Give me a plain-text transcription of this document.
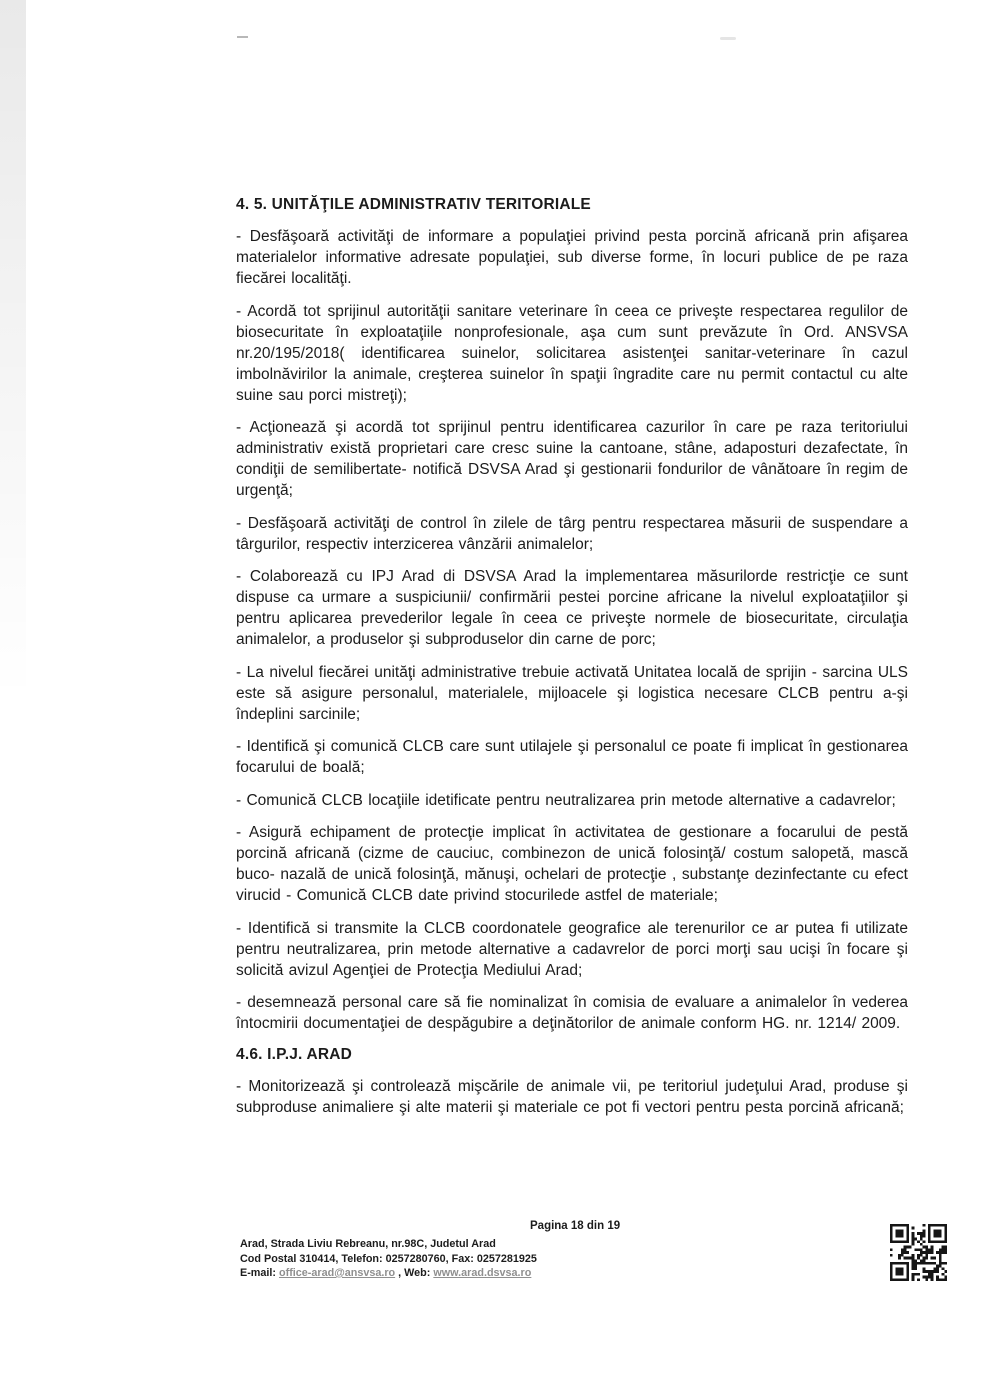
4. 5. UNITĂŢILE ADMINISTRATIV TERITORIALE

- Desfăşoară activităţi de informare a populaţiei privind pesta porcină africană prin afişarea materialelor informative adresate populaţiei, sub diverse forme, în locuri publice de pe raza fiecărei localităţi.

- Acordă tot sprijinul autorităţii sanitare veterinare în ceea ce priveşte respectarea regulilor de biosecuritate în exploataţiile nonprofesionale, aşa cum sunt prevăzute în Ord. ANSVSA nr.20/195/2018( identificarea suinelor, solicitarea asistenţei sanitar-veterinare în cazul imbolnăvirilor la animale, creşterea suinelor în spaţii îngradite care nu permit contactul cu alte suine sau porci mistreţi);

- Acţionează şi acordă tot sprijinul pentru identificarea cazurilor în care pe raza teritoriului administrativ există proprietari care cresc suine la cantoane, stâne, adaposturi dezafectate, în condiţii de semilibertate- notifică DSVSA Arad şi gestionarii fondurilor de vânătoare în regim de urgenţă;

- Desfăşoară activităţi de control în zilele de târg pentru respectarea măsurii de suspendare a târgurilor, respectiv interzicerea vânzării animalelor;

- Colaborează cu IPJ Arad di DSVSA Arad la implementarea măsurilorde restricţie ce sunt dispuse ca urmare a suspiciunii/ confirmării pestei porcine africane la nivelul exploataţiilor şi pentru aplicarea prevederilor legale în ceea ce priveşte normele de biosecuritate, circulaţia animalelor, a produselor şi subproduselor din carne de porc;

- La nivelul fiecărei unităţi administrative trebuie activată Unitatea locală de sprijin - sarcina ULS este să asigure personalul, materialele, mijloacele şi logistica necesare CLCB pentru a-şi îndeplini sarcinile;

- Identifică şi comunică CLCB care sunt utilajele şi personalul ce poate fi implicat în gestionarea focarului de boală;

- Comunică CLCB locaţiile idetificate pentru neutralizarea prin metode alternative a cadavrelor;

- Asigură echipament de protecţie implicat în activitatea de gestionare a focarului de pestă porcină africană (cizme de cauciuc, combinezon de unică folosinţă/ costum salopetă, mască buco- nazală de unică folosinţă, mănuşi, ochelari de protecţie , substanţe dezinfectante cu efect virucid - Comunică CLCB date privind stocurilede astfel de materiale;

- Identifică si transmite la CLCB coordonatele geografice ale terenurilor ce ar putea fi utilizate pentru neutralizarea, prin metode alternative a cadavrelor de porci morţi sau ucişi în focare şi solicită avizul Agenţiei de Protecţia Mediului Arad;

- desemnează personal care să fie nominalizat în comisia de evaluare a animalelor în vederea întocmirii documentaţiei de despăgubire a deţinătorilor de animale conform HG. nr. 1214/ 2009.

4.6. I.P.J. ARAD

- Monitorizează şi controlează mişcările de animale vii, pe teritoriul judeţului Arad, produse şi subproduse animaliere şi alte materii şi materiale ce pot fi vectori pentru pesta porcină africană;

Pagina 18 din 19
Arad, Strada Liviu Rebreanu, nr.98C, Judetul Arad
Cod Postal 310414, Telefon: 0257280760, Fax: 0257281925
E-mail: office-arad@ansvsa.ro , Web: www.arad.dsvsa.ro
